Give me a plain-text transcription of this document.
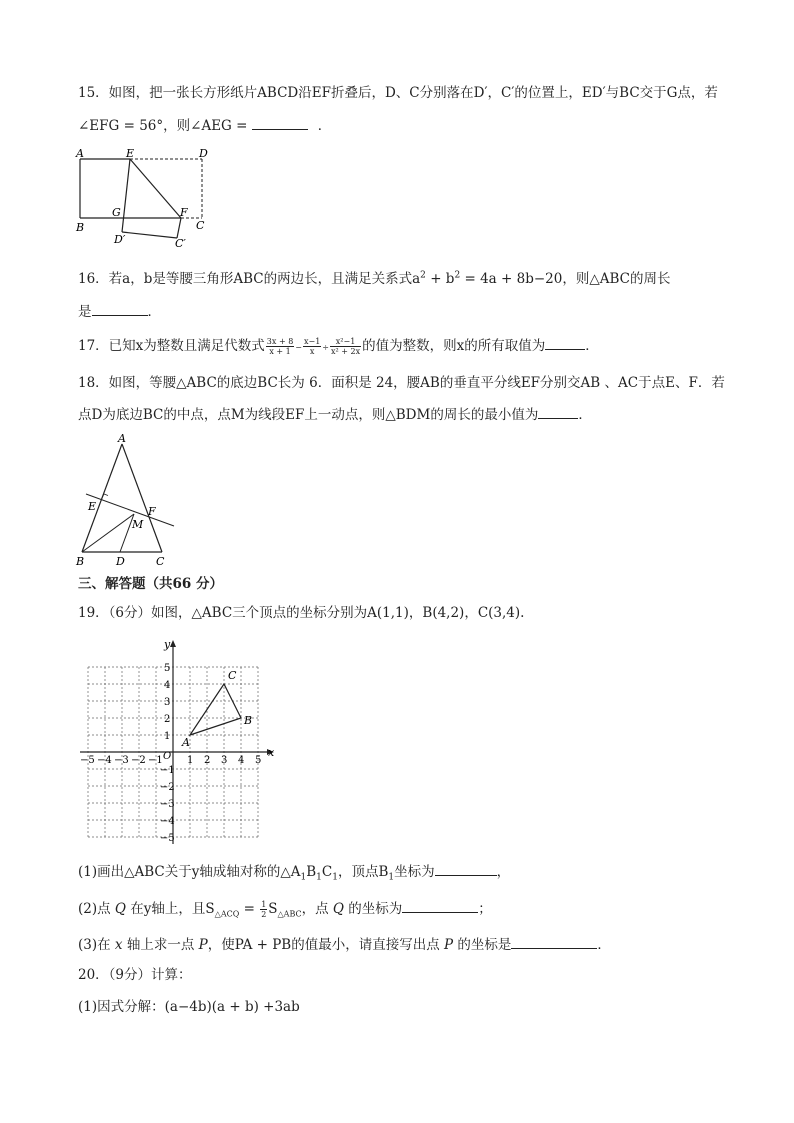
15．如图，把一张长方形纸片ABCD沿EF折叠后，D、C分别落在D′，C′的位置上，ED′与BC交于G点，若
∠EFG = 56°，则∠AEG =	．
A	E	D
B
G	F
C
D′	C′
16．若a，b是等腰三角形ABC的两边长，且满足关系式$a^2 + b^2 = 4a + 8b-20$，则△ABC的周长
是	．
17．已知x为整数且满足代数式 $\frac{3x + 8}{x + 1} - \frac{x-1}{x} \div \frac{\text{x²−1}}{\text{x² + 2x}}$ 的值为整数，则x的所有取值为	．
18．如图，等腰△ABC的底边BC长为 6．面积是 24，腰AB的垂直平分线EF分别交AB 、AC于点E、F．若
点D为底边BC的中点，点M为线段EF上一动点，则△BDM的周长的最小值为	．
A
E	F
M
B	D	C
三、解答题（共66 分）
19．（6分）如图，△ABC三个顶点的坐标分别为A(1,1)，B(4,2)，C(3,4).
−5 −4 −3 −2 −1 1 2 3 4 5
5
4
3
2
1
−1
−2
−3
−4
−5
x
y
O
A
B
C
(1)画出△ABC关于y轴成轴对称的$\triangle A_1B_1C_1$，顶点$B_1$坐标为	，
(2)点 Q 在y轴上，且$S_{\triangle ACQ} = \frac{1}{2} S_{\triangle ABC}$，点 Q 的坐标为	；
(3)在 x 轴上求一点 P，使PA + PB的值最小，请直接写出点 P 的坐标是	．
20．（9分）计算：
(1)因式分解：(a−4b)(a + b) +3ab
